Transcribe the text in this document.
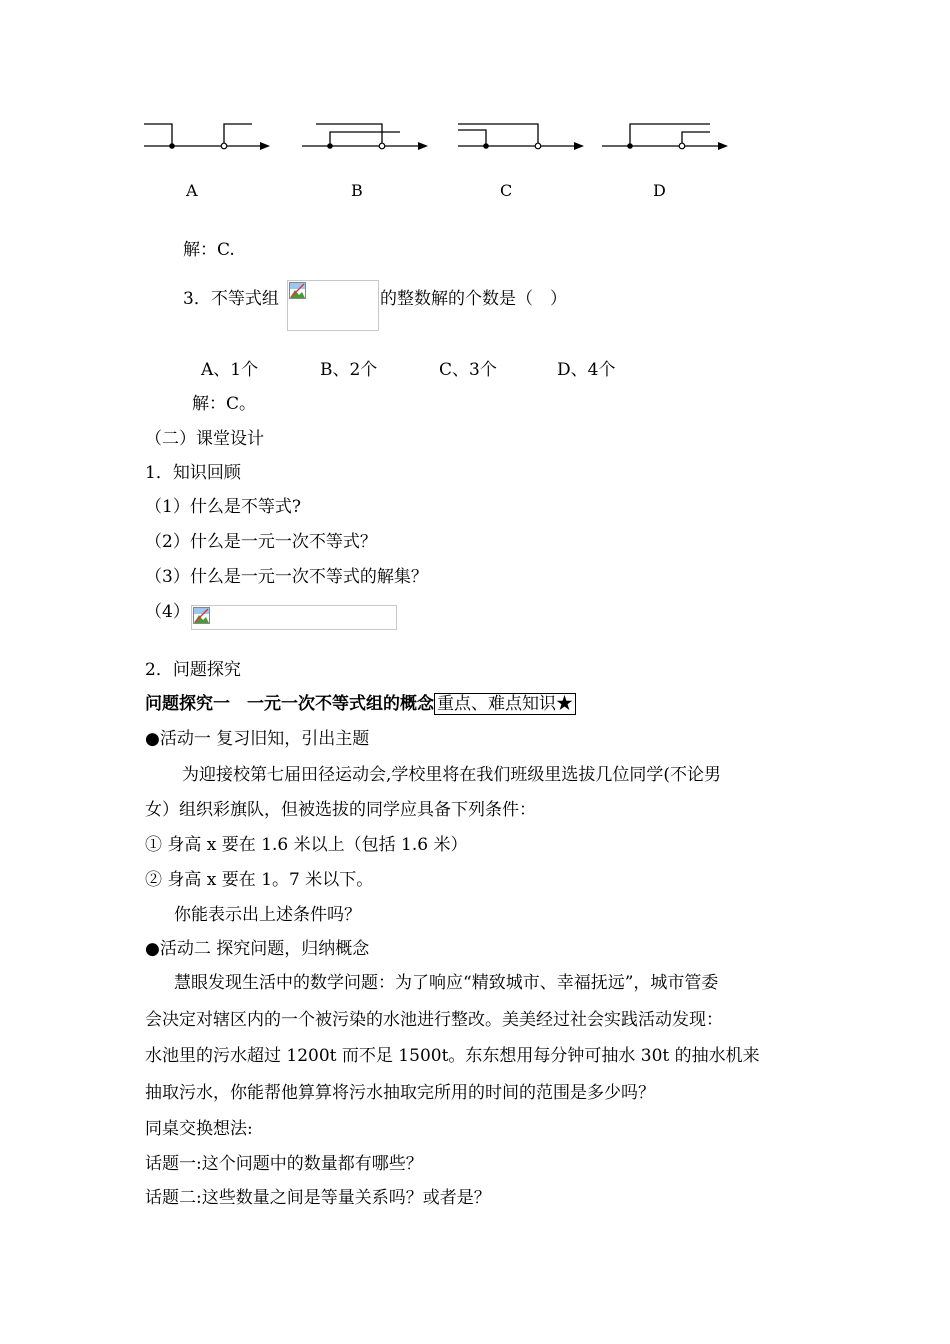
A	B	C	D
解：C.
3．不等式组	的整数解的个数是（　）
A、1个	B、2个	C、3个	D、4个
解：C。
（二）课堂设计
1．知识回顾
（1）什么是不等式?
（2）什么是一元一次不等式？
（3）什么是一元一次不等式的解集？
（4）
2．问题探究
问题探究一　一元一次不等式组的概念 重点、难点知识★
●活动一 复习旧知，引出主题
为迎接校第七届田径运动会,学校里将在我们班级里选拔几位同学(不论男
女）组织彩旗队，但被选拔的同学应具备下列条件：
① 身高 x 要在 1.6 米以上（包括 1.6 米）
② 身高 x 要在 1。7 米以下。
你能表示出上述条件吗？
●活动二 探究问题，归纳概念
慧眼发现生活中的数学问题：为了响应“精致城市、幸福抚远”，城市管委
会决定对辖区内的一个被污染的水池进行整改。美美经过社会实践活动发现：
水池里的污水超过 1200t 而不足 1500t。东东想用每分钟可抽水 30t 的抽水机来
抽取污水，你能帮他算算将污水抽取完所用的时间的范围是多少吗？
同桌交换想法:
话题一:这个问题中的数量都有哪些？
话题二:这些数量之间是等量关系吗？或者是？
